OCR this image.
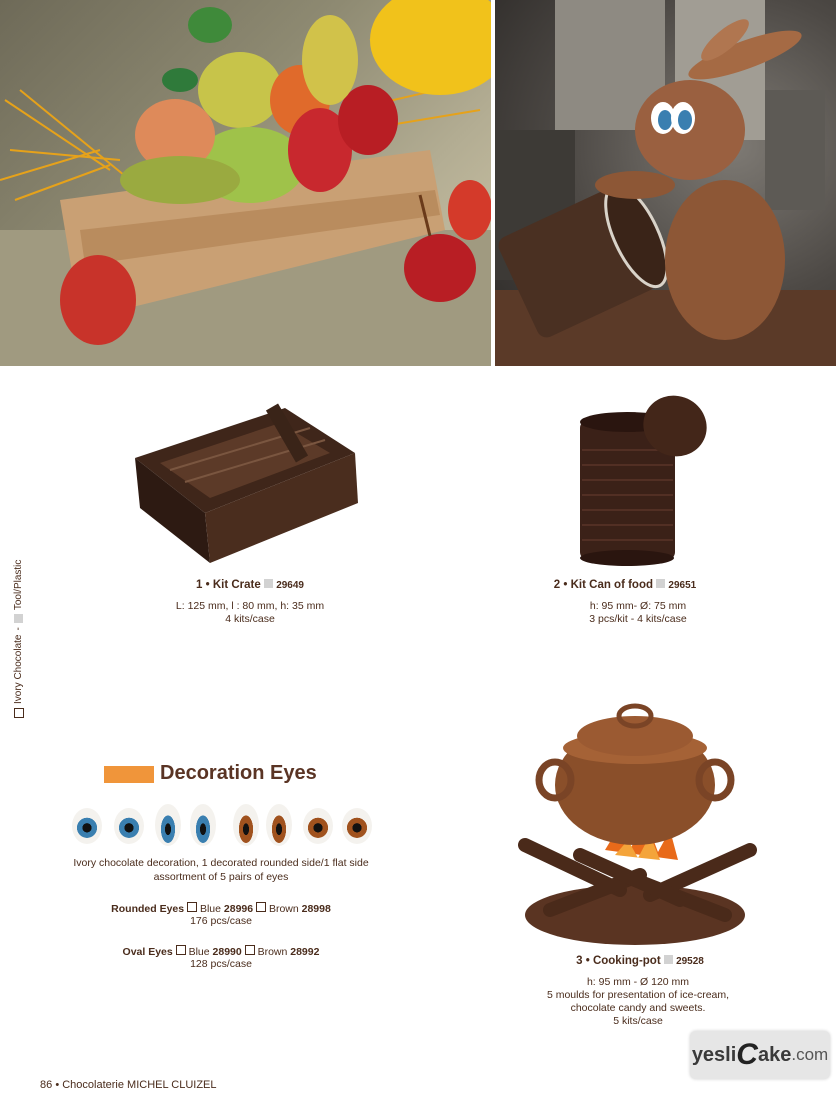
Ivory Chocolate
-
Tool/Plastic	1 • Kit Crate 29649
L: 125 mm, l : 80 mm, h: 35 mm
4 kits/case
2 • Kit Can of food 29651
h: 95 mm- Ø: 75 mm
3 pcs/kit - 4 kits/case
3 • Cooking-pot 29528
h: 95 mm - Ø 120 mm
5 moulds for presentation of ice-cream,
chocolate candy and sweets.
5 kits/case
Decoration Eyes
Ivory chocolate decoration, 1 decorated rounded side/1 flat side
assortment of 5 pairs of eyes
Rounded Eyes Blue 28996 Brown 28998
176 pcs/case
Oval Eyes Blue 28990 Brown 28992
128 pcs/case
yesli C ake .com
86 • Chocolaterie MICHEL CLUIZEL
